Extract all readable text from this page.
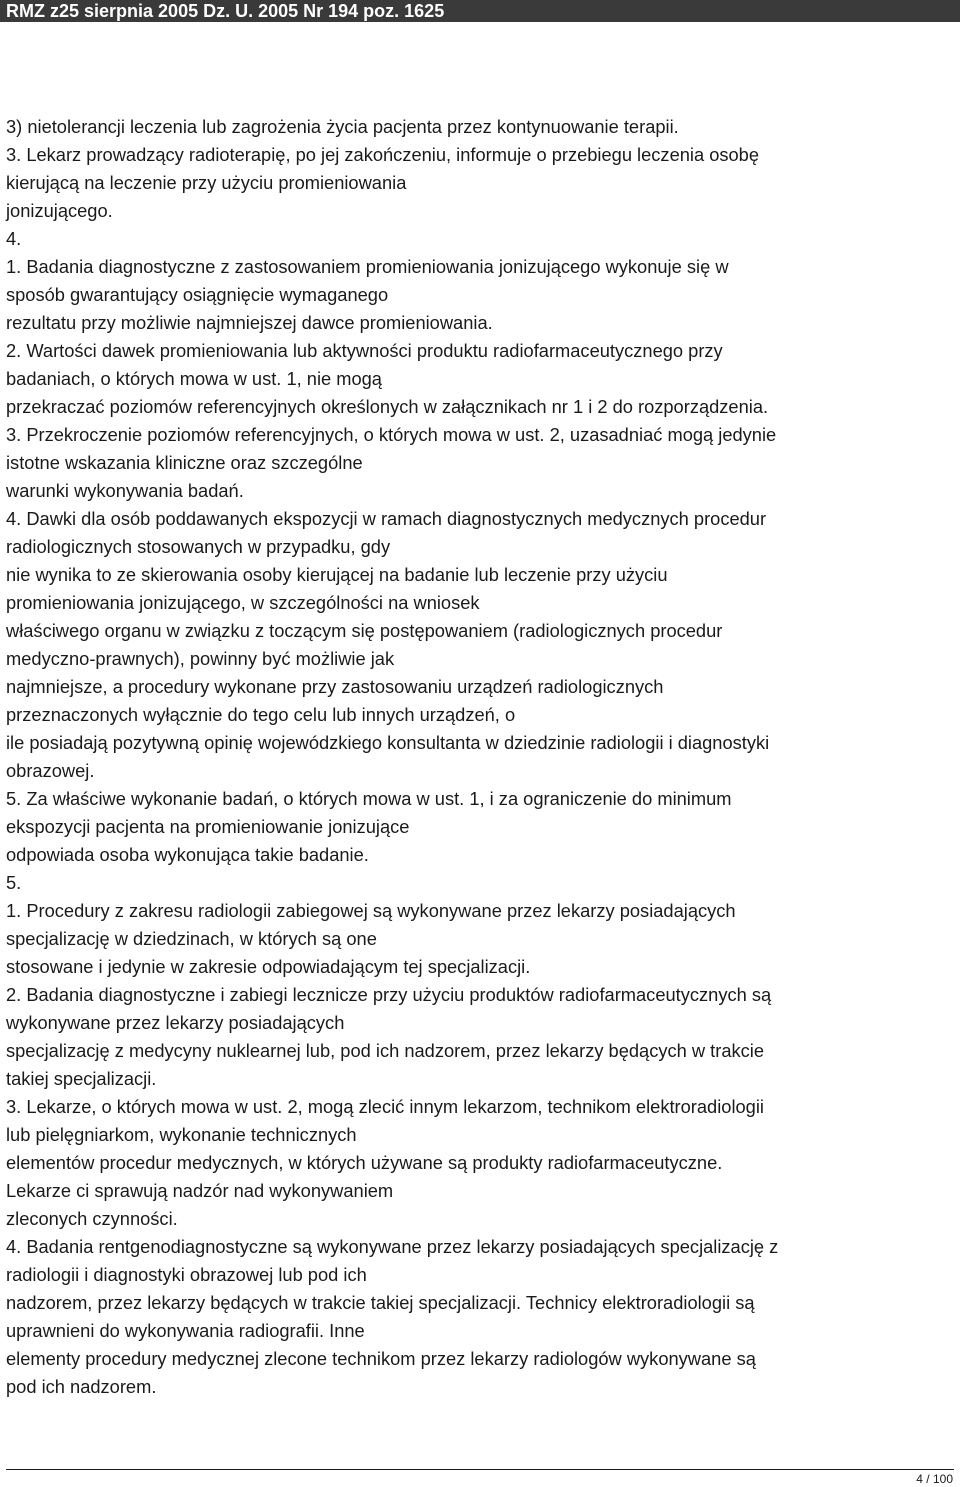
RMZ z25 sierpnia 2005 Dz. U. 2005 Nr 194 poz. 1625
3) nietolerancji leczenia lub zagrożenia życia pacjenta przez kontynuowanie terapii.
3. Lekarz prowadzący radioterapię, po jej zakończeniu, informuje o przebiegu leczenia osobę
kierującą na leczenie przy użyciu promieniowania
jonizującego.
4.
1. Badania diagnostyczne z zastosowaniem promieniowania jonizującego wykonuje się w
sposób gwarantujący osiągnięcie wymaganego
rezultatu przy możliwie najmniejszej dawce promieniowania.
2. Wartości dawek promieniowania lub aktywności produktu radiofarmaceutycznego przy
badaniach, o których mowa w ust. 1, nie mogą
przekraczać poziomów referencyjnych określonych w załącznikach nr 1 i 2 do rozporządzenia.
3. Przekroczenie poziomów referencyjnych, o których mowa w ust. 2, uzasadniać mogą jedynie
istotne wskazania kliniczne oraz szczególne
warunki wykonywania badań.
4. Dawki dla osób poddawanych ekspozycji w ramach diagnostycznych medycznych procedur
radiologicznych stosowanych w przypadku, gdy
nie wynika to ze skierowania osoby kierującej na badanie lub leczenie przy użyciu
promieniowania jonizującego, w szczególności na wniosek
właściwego organu w związku z toczącym się postępowaniem (radiologicznych procedur
medyczno-prawnych), powinny być możliwie jak
najmniejsze, a procedury wykonane przy zastosowaniu urządzeń radiologicznych
przeznaczonych wyłącznie do tego celu lub innych urządzeń, o
ile posiadają pozytywną opinię wojewódzkiego konsultanta w dziedzinie radiologii i diagnostyki
obrazowej.
5. Za właściwe wykonanie badań, o których mowa w ust. 1, i za ograniczenie do minimum
ekspozycji pacjenta na promieniowanie jonizujące
odpowiada osoba wykonująca takie badanie.
5.
1. Procedury z zakresu radiologii zabiegowej są wykonywane przez lekarzy posiadających
specjalizację w dziedzinach, w których są one
stosowane i jedynie w zakresie odpowiadającym tej specjalizacji.
2. Badania diagnostyczne i zabiegi lecznicze przy użyciu produktów radiofarmaceutycznych są
wykonywane przez lekarzy posiadających
specjalizację z medycyny nuklearnej lub, pod ich nadzorem, przez lekarzy będących w trakcie
takiej specjalizacji.
3. Lekarze, o których mowa w ust. 2, mogą zlecić innym lekarzom, technikom elektroradiologii
lub pielęgniarkom, wykonanie technicznych
elementów procedur medycznych, w których używane są produkty radiofarmaceutyczne.
Lekarze ci sprawują nadzór nad wykonywaniem
zleconych czynności.
4. Badania rentgenodiagnostyczne są wykonywane przez lekarzy posiadających specjalizację z
radiologii i diagnostyki obrazowej lub pod ich
nadzorem, przez lekarzy będących w trakcie takiej specjalizacji. Technicy elektroradiologii są
uprawnieni do wykonywania radiografii. Inne
elementy procedury medycznej zlecone technikom przez lekarzy radiologów wykonywane są
pod ich nadzorem.
4 / 100
